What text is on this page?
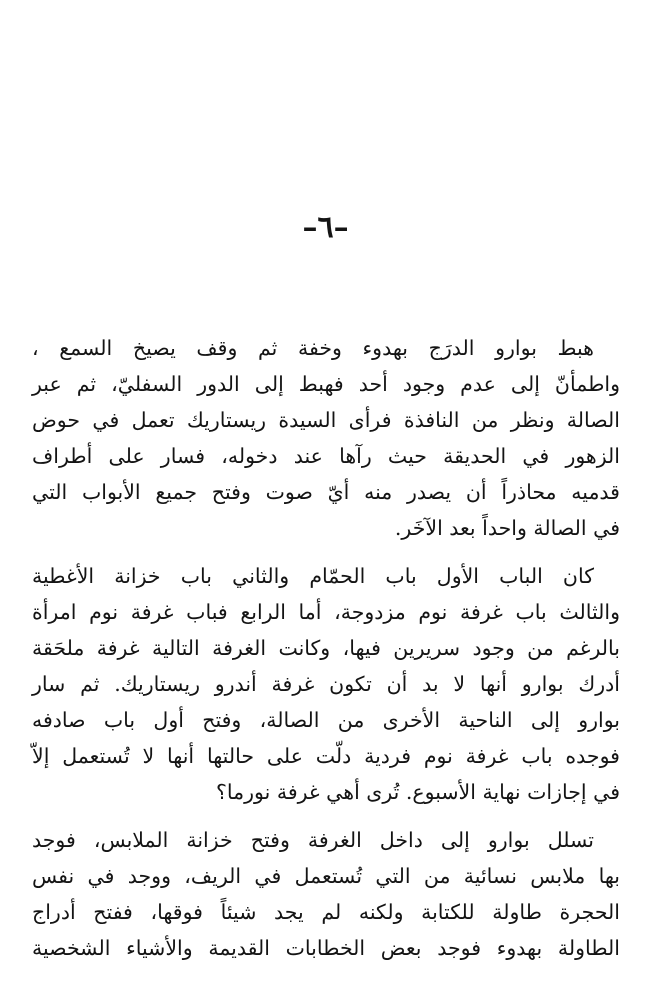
–٦–
هبط بوارو الدرَج بهدوء وخفة ثم وقف يصيخ السمع ،
واطمأنّ إلى عدم وجود أحد فهبط إلى الدور السفليّ، ثم عبر
الصالة ونظر من النافذة فرأى السيدة ريستاريك تعمل في حوض
الزهور في الحديقة حيث رآها عند دخوله، فسار على أطراف
قدميه محاذراً أن يصدر منه أيّ صوت وفتح جميع الأبواب التي
في الصالة واحداً بعد الآخَر.
كان الباب الأول باب الحمّام والثاني باب خزانة الأغطية
والثالث باب غرفة نوم مزدوجة، أما الرابع فباب غرفة نوم امرأة
بالرغم من وجود سريرين فيها، وكانت الغرفة التالية غرفة ملحَقة
أدرك بوارو أنها لا بد أن تكون غرفة أندرو ريستاريك. ثم سار
بوارو إلى الناحية الأخرى من الصالة، وفتح أول باب صادفه
فوجده باب غرفة نوم فردية دلّت على حالتها أنها لا تُستعمل إلاّ
في إجازات نهاية الأسبوع. تُرى أهي غرفة نورما؟
تسلل بوارو إلى داخل الغرفة وفتح خزانة الملابس، فوجد
بها ملابس نسائية من التي تُستعمل في الريف، ووجد في نفس
الحجرة طاولة للكتابة ولكنه لم يجد شيئاً فوقها، ففتح أدراج
الطاولة بهدوء فوجد بعض الخطابات القديمة والأشياء الشخصية
